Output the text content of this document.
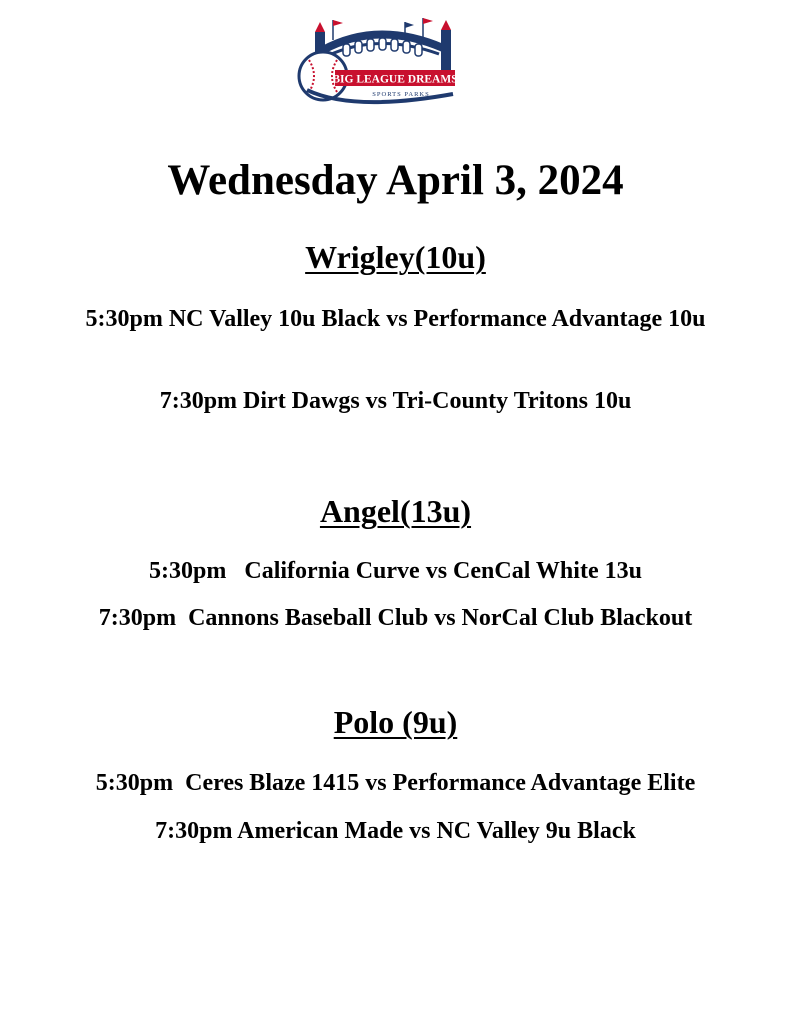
BIG LEAGUE DREAMS
SPORTS PARKS
Wednesday April 3, 2024
Wrigley(10u)

5:30pm NC Valley 10u Black vs Performance Advantage 10u

7:30pm Dirt Dawgs vs Tri-County Tritons 10u

Angel(13u)

5:30pm   California Curve vs CenCal White 13u

7:30pm  Cannons Baseball Club vs NorCal Club Blackout

Polo (9u)

5:30pm  Ceres Blaze 1415 vs Performance Advantage Elite

7:30pm American Made vs NC Valley 9u Black
